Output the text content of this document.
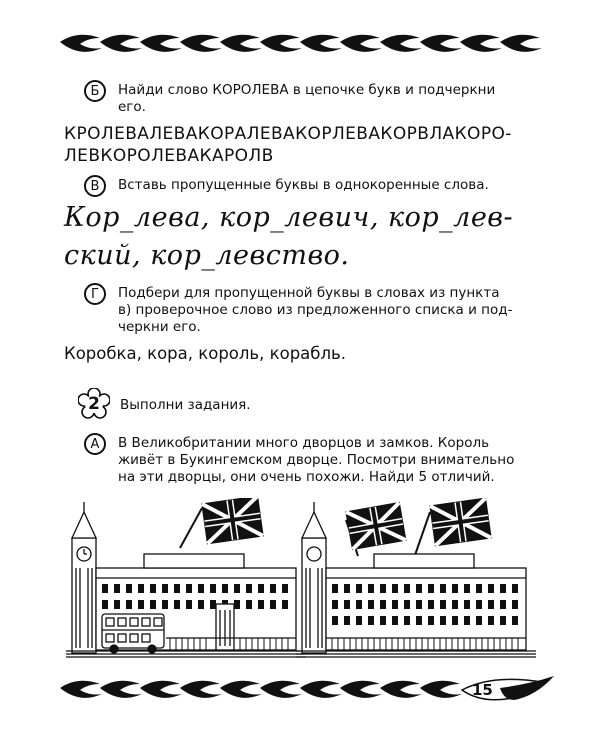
Б Найди слово КОРОЛЕВА в цепочке букв и подчеркни
его.
КРОЛЕВАЛЕВАКОРАЛЕВАКОРЛЕВАКОРВЛАКОРО-
ЛЕВКОРОЛЕВАКАРОЛВ
В Вставь пропущенные буквы в однокоренные слова.
Кор_лева, кор_левич, кор_лев-
ский, кор_левство.
Г Подбери для пропущенной буквы в словах из пункта
в) проверочное слово из предложенного списка и под-
черкни его.
Коробка, кора, король, корабль.
2	Выполни задания.
А В Великобритании много дворцов и замков. Король
живёт в Букингемском дворце. Посмотри внимательно
на эти дворцы, они очень похожи. Найди 5 отличий.
15
